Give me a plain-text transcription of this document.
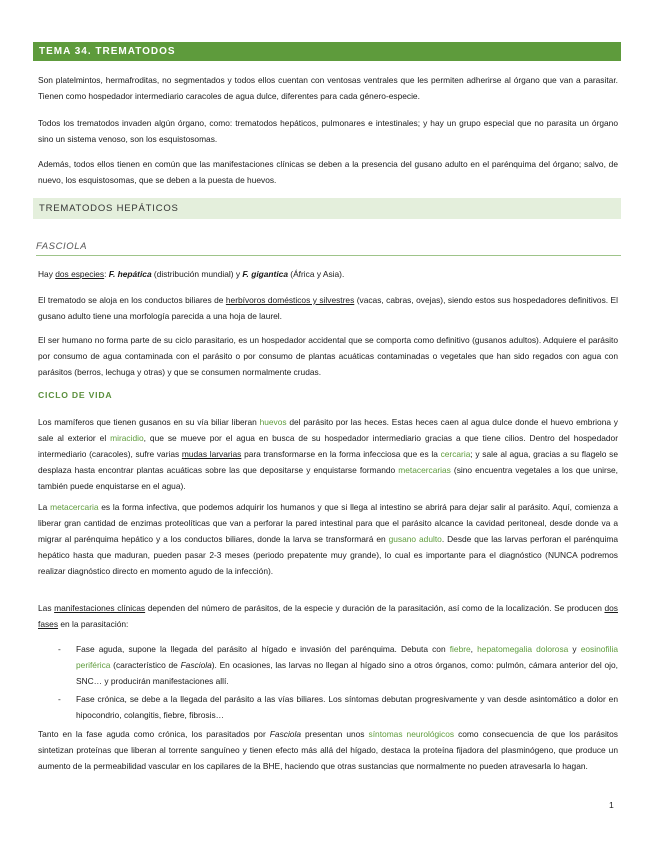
TEMA 34. TREMATODOS

Son platelmintos, hermafroditas, no segmentados y todos ellos cuentan con ventosas ventrales que les permiten adherirse al órgano que van a parasitar. Tienen como hospedador intermediario caracoles de agua dulce, diferentes para cada género-especie.

Todos los trematodos invaden algún órgano, como: trematodos hepáticos, pulmonares e intestinales; y hay un grupo especial que no parasita un órgano sino un sistema venoso, son los esquistosomas.

Además, todos ellos tienen en común que las manifestaciones clínicas se deben a la presencia del gusano adulto en el parénquima del órgano; salvo, de nuevo, los esquistosomas, que se deben a la puesta de huevos.

TREMATODOS HEPÁTICOS
FASCIOLA

Hay dos especies: F. hepática (distribución mundial) y F. gigantica (África y Asia).

El trematodo se aloja en los conductos biliares de herbívoros domésticos y silvestres (vacas, cabras, ovejas), siendo estos sus hospedadores definitivos. El gusano adulto tiene una morfología parecida a una hoja de laurel.

El ser humano no forma parte de su ciclo parasitario, es un hospedador accidental que se comporta como definitivo (gusanos adultos). Adquiere el parásito por consumo de agua contaminada con el parásito o por consumo de plantas acuáticas contaminadas o vegetales que han sido regados con agua con parásitos (berros, lechuga y otras) y que se consumen normalmente crudas.

CICLO DE VIDA

Los mamíferos que tienen gusanos en su vía biliar liberan huevos del parásito por las heces. Estas heces caen al agua dulce donde el huevo embriona y sale al exterior el miracidio, que se mueve por el agua en busca de su hospedador intermediario gracias a que tiene cilios. Dentro del hospedador intermediario (caracoles), sufre varias mudas larvarias para transformarse en la forma infecciosa que es la cercaria; y sale al agua, gracias a su flagelo se desplaza hasta encontrar plantas acuáticas sobre las que depositarse y enquistarse formando metacercarias (sino encuentra vegetales a los que unirse, también puede enquistarse en el agua).

La metacercaria es la forma infectiva, que podemos adquirir los humanos y que si llega al intestino se abrirá para dejar salir al parásito. Aquí, comienza a liberar gran cantidad de enzimas proteolíticas que van a perforar la pared intestinal para que el parásito alcance la cavidad peritoneal, desde donde va a migrar al parénquima hepático y a los conductos biliares, donde la larva se transformará en gusano adulto. Desde que las larvas perforan el parénquima hepático hasta que maduran, pueden pasar 2-3 meses (periodo prepatente muy grande), lo cual es importante para el diagnóstico (NUNCA podremos realizar diagnóstico directo en momento agudo de la infección).

Las manifestaciones clínicas dependen del número de parásitos, de la especie y duración de la parasitación, así como de la localización. Se producen dos fases en la parasitación:

- Fase aguda, supone la llegada del parásito al hígado e invasión del parénquima. Debuta con fiebre, hepatomegalia dolorosa y eosinofilia periférica (característico de Fasciola). En ocasiones, las larvas no llegan al hígado sino a otros órganos, como: pulmón, cámara anterior del ojo, SNC… y producirán manifestaciones allí.
- Fase crónica, se debe a la llegada del parásito a las vías biliares. Los síntomas debutan progresivamente y van desde asintomático a dolor en hipocondrio, colangitis, fiebre, fibrosis…

Tanto en la fase aguda como crónica, los parasitados por Fasciola presentan unos síntomas neurológicos como consecuencia de que los parásitos sintetizan proteínas que liberan al torrente sanguíneo y tienen efecto más allá del hígado, destaca la proteína fijadora del plasminógeno, que produce un aumento de la permeabilidad vascular en los capilares de la BHE, haciendo que otras sustancias que normalmente no pueden atravesarla lo hagan.

1
